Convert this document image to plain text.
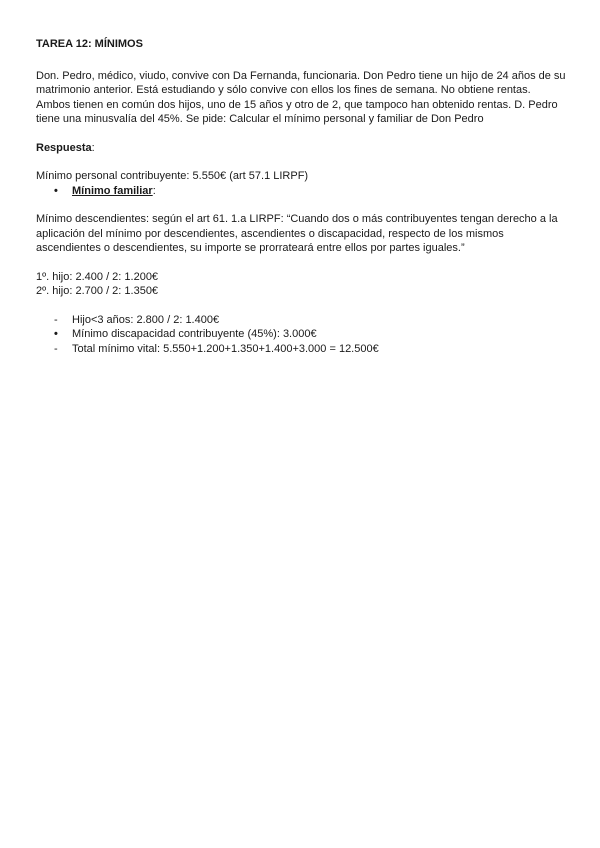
TAREA 12: MÍNIMOS

Don. Pedro, médico, viudo, convive con Da Fernanda, funcionaria. Don Pedro tiene un hijo de 24 años de su matrimonio anterior. Está estudiando y sólo convive con ellos los fines de semana. No obtiene rentas. Ambos tienen en común dos hijos, uno de 15 años y otro de 2, que tampoco han obtenido rentas. D. Pedro tiene una minusvalía del 45%. Se pide: Calcular el mínimo personal y familiar de Don Pedro

Respuesta:

Mínimo personal contribuyente: 5.550€ (art 57.1 LIRPF)

• Mínimo familiar:

Mínimo descendientes: según el art 61. 1.a LIRPF: “Cuando dos o más contribuyentes tengan derecho a la aplicación del mínimo por descendientes, ascendientes o discapacidad, respecto de los mismos ascendientes o descendientes, su importe se prorrateará entre ellos por partes iguales.”

1º. hijo: 2.400 / 2: 1.200€

2º. hijo: 2.700 / 2: 1.350€

-	Hijo<3 años: 2.800 / 2: 1.400€
•	Mínimo discapacidad contribuyente (45%): 3.000€
-	Total mínimo vital: 5.550+1.200+1.350+1.400+3.000 = 12.500€
